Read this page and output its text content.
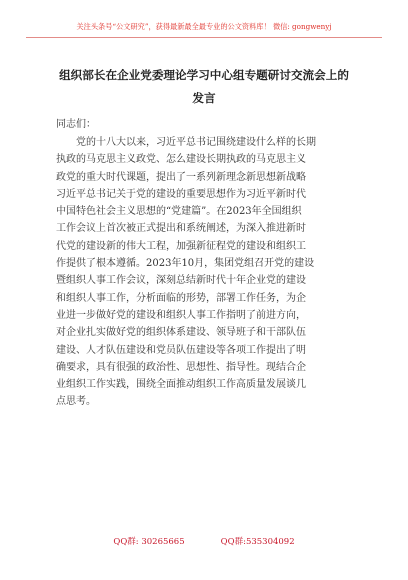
关注头条号“公文研究”，获得最新最全最专业的公文资料库！ 微信: gongwenyj
组织部长在企业党委理论学习中心组专题研讨交流会上的
发言
同志们：
党的十八大以来，习近平总书记围绕建设什么样的长期
执政的马克思主义政党、怎么建设长期执政的马克思主义
政党的重大时代课题，提出了一系列新理念新思想新战略
习近平总书记关于党的建设的重要思想作为习近平新时代
中国特色社会主义思想的“党建篇”。在2023年全国组织
工作会议上首次被正式提出和系统阐述，为深入推进新时
代党的建设新的伟大工程，加强新征程党的建设和组织工
作提供了根本遵循。2023年10月，集团党组召开党的建设
暨组织人事工作会议，深刻总结新时代十年企业党的建设
和组织人事工作，分析面临的形势，部署工作任务，为企
业进一步做好党的建设和组织人事工作指明了前进方向，
对企业扎实做好党的组织体系建设、领导班子和干部队伍
建设、人才队伍建设和党员队伍建设等各项工作提出了明
确要求，具有很强的政治性、思想性、指导性。现结合企
业组织工作实践，围绕全面推动组织工作高质量发展谈几
点思考。
QQ群: 30265665	QQ群:535304092
